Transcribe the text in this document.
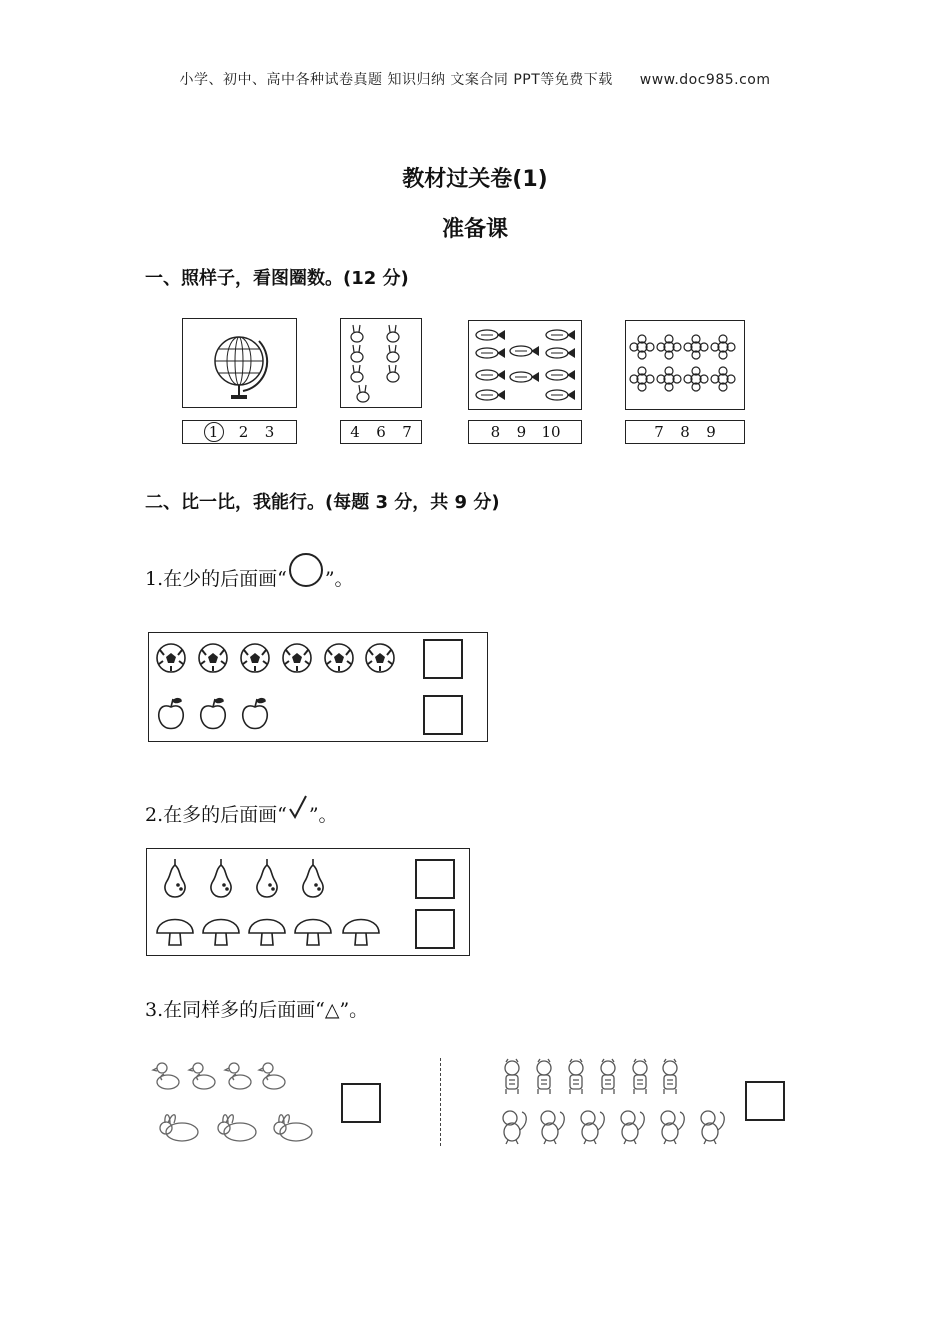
小学、初中、高中各种试卷真题 知识归纳 文案合同 PPT等免费下载 www.doc985.com
教材过关卷(1)
准备课
一、照样子，看图圈数。(12 分)
1	2 3	4 6 7	8 9 10	7 8 9
二、比一比，我能行。(每题 3 分，共 9 分)
1.在少的后面画“ ”。
2.在多的后面画“ ”。
3.在同样多的后面画“△”。
